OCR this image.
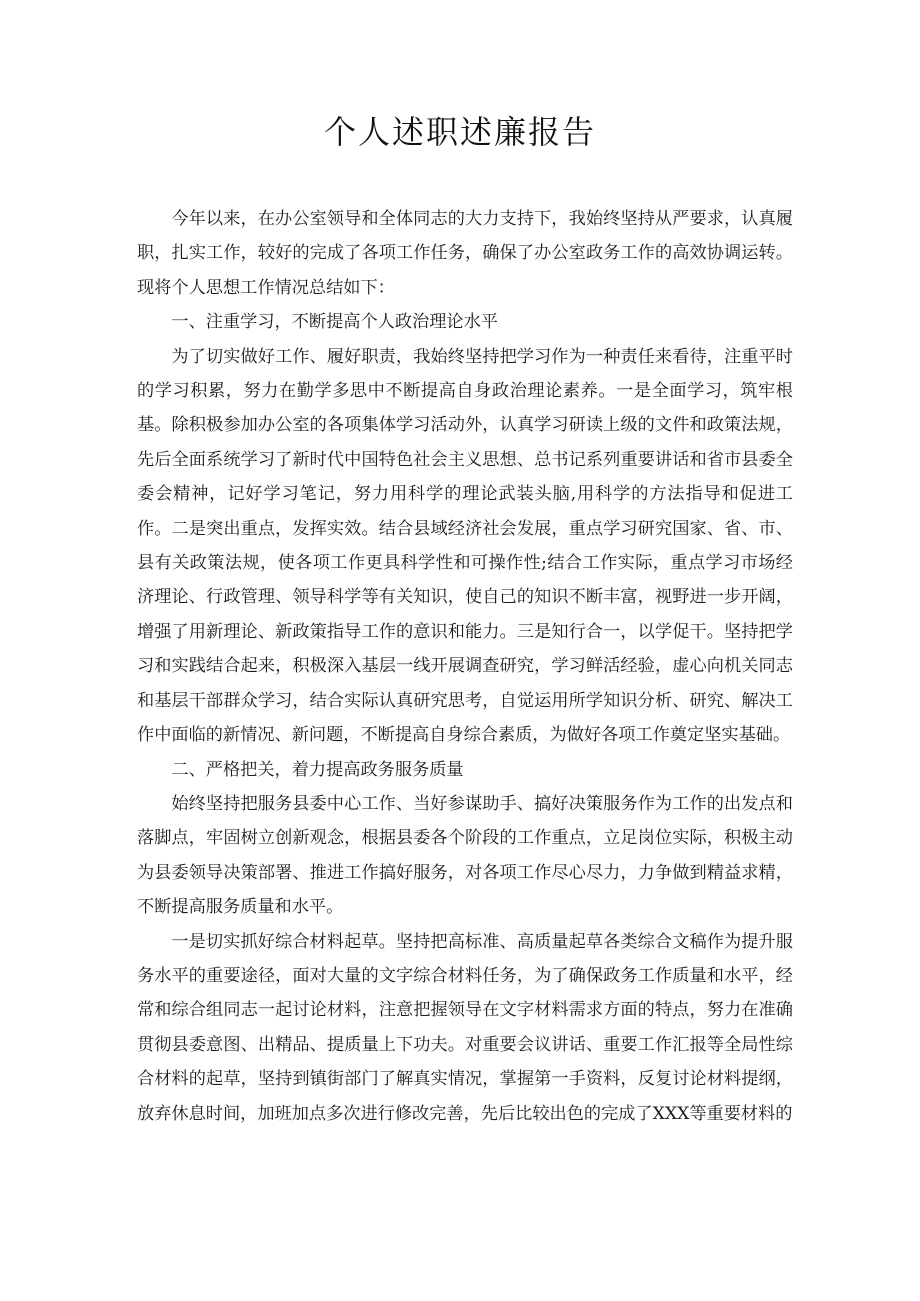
个人述职述廉报告

今年以来，在办公室领导和全体同志的大力支持下，我始终坚持从严要求，认真履职，扎实工作，较好的完成了各项工作任务，确保了办公室政务工作的高效协调运转。现将个人思想工作情况总结如下：

一、注重学习，不断提高个人政治理论水平

为了切实做好工作、履好职责，我始终坚持把学习作为一种责任来看待，注重平时的学习积累，努力在勤学多思中不断提高自身政治理论素养。一是全面学习，筑牢根基。除积极参加办公室的各项集体学习活动外，认真学习研读上级的文件和政策法规，先后全面系统学习了新时代中国特色社会主义思想、总书记系列重要讲话和省市县委全委会精神，记好学习笔记，努力用科学的理论武装头脑,用科学的方法指导和促进工作。二是突出重点，发挥实效。结合县域经济社会发展，重点学习研究国家、省、市、县有关政策法规，使各项工作更具科学性和可操作性;结合工作实际，重点学习市场经济理论、行政管理、领导科学等有关知识，使自己的知识不断丰富，视野进一步开阔，增强了用新理论、新政策指导工作的意识和能力。三是知行合一，以学促干。坚持把学习和实践结合起来，积极深入基层一线开展调查研究，学习鲜活经验，虚心向机关同志和基层干部群众学习，结合实际认真研究思考，自觉运用所学知识分析、研究、解决工作中面临的新情况、新问题，不断提高自身综合素质，为做好各项工作奠定坚实基础。

二、严格把关，着力提高政务服务质量

始终坚持把服务县委中心工作、当好参谋助手、搞好决策服务作为工作的出发点和落脚点，牢固树立创新观念，根据县委各个阶段的工作重点，立足岗位实际，积极主动为县委领导决策部署、推进工作搞好服务，对各项工作尽心尽力，力争做到精益求精，不断提高服务质量和水平。

一是切实抓好综合材料起草。坚持把高标准、高质量起草各类综合文稿作为提升服务水平的重要途径，面对大量的文字综合材料任务，为了确保政务工作质量和水平，经常和综合组同志一起讨论材料，注意把握领导在文字材料需求方面的特点，努力在准确贯彻县委意图、出精品、提质量上下功夫。对重要会议讲话、重要工作汇报等全局性综合材料的起草，坚持到镇街部门了解真实情况，掌握第一手资料，反复讨论材料提纲，放弃休息时间，加班加点多次进行修改完善，先后比较出色的完成了XXX等重要材料的
